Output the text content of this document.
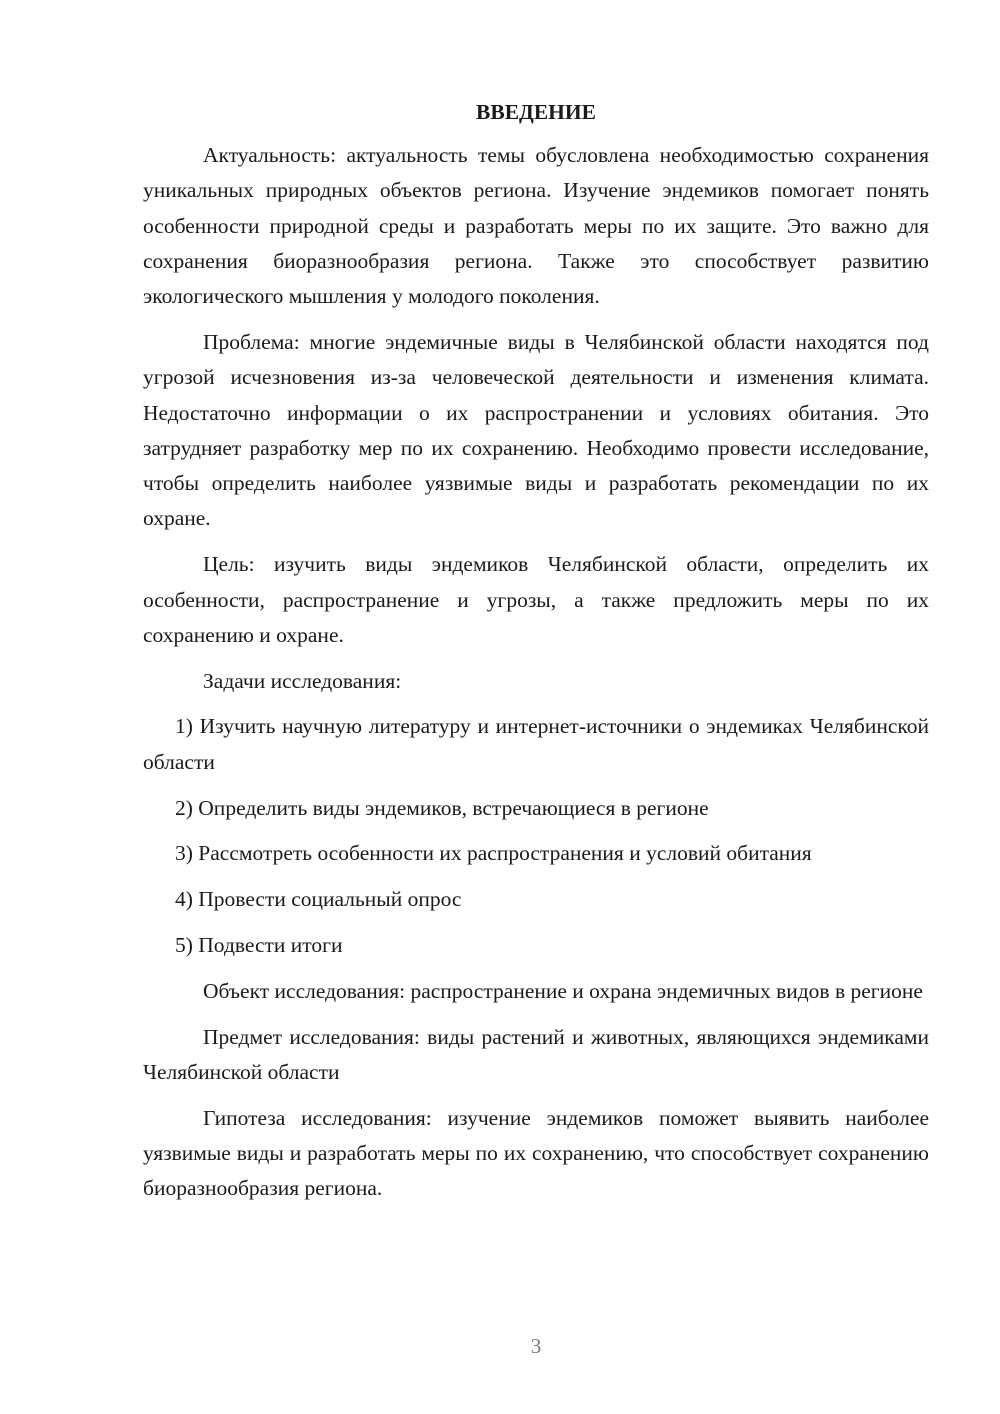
ВВЕДЕНИЕ

Актуальность: актуальность темы обусловлена необходимостью сохранения уникальных природных объектов региона. Изучение эндемиков помогает понять особенности природной среды и разработать меры по их защите. Это важно для сохранения биоразнообразия региона. Также это способствует развитию экологического мышления у молодого поколения.

Проблема: многие эндемичные виды в Челябинской области находятся под угрозой исчезновения из-за человеческой деятельности и изменения климата. Недостаточно информации о их распространении и условиях обитания. Это затрудняет разработку мер по их сохранению. Необходимо провести исследование, чтобы определить наиболее уязвимые виды и разработать рекомендации по их охране.

Цель: изучить виды эндемиков Челябинской области, определить их особенности, распространение и угрозы, а также предложить меры по их сохранению и охране.

Задачи исследования:

1) Изучить научную литературу и интернет-источники о эндемиках Челябинской области

2) Определить виды эндемиков, встречающиеся в регионе

3) Рассмотреть особенности их распространения и условий обитания

4) Провести социальный опрос

5) Подвести итоги

Объект исследования: распространение и охрана эндемичных видов в регионе

Предмет исследования: виды растений и животных, являющихся эндемиками Челябинской области

Гипотеза исследования: изучение эндемиков поможет выявить наиболее уязвимые виды и разработать меры по их сохранению, что способствует сохранению биоразнообразия региона.

3
